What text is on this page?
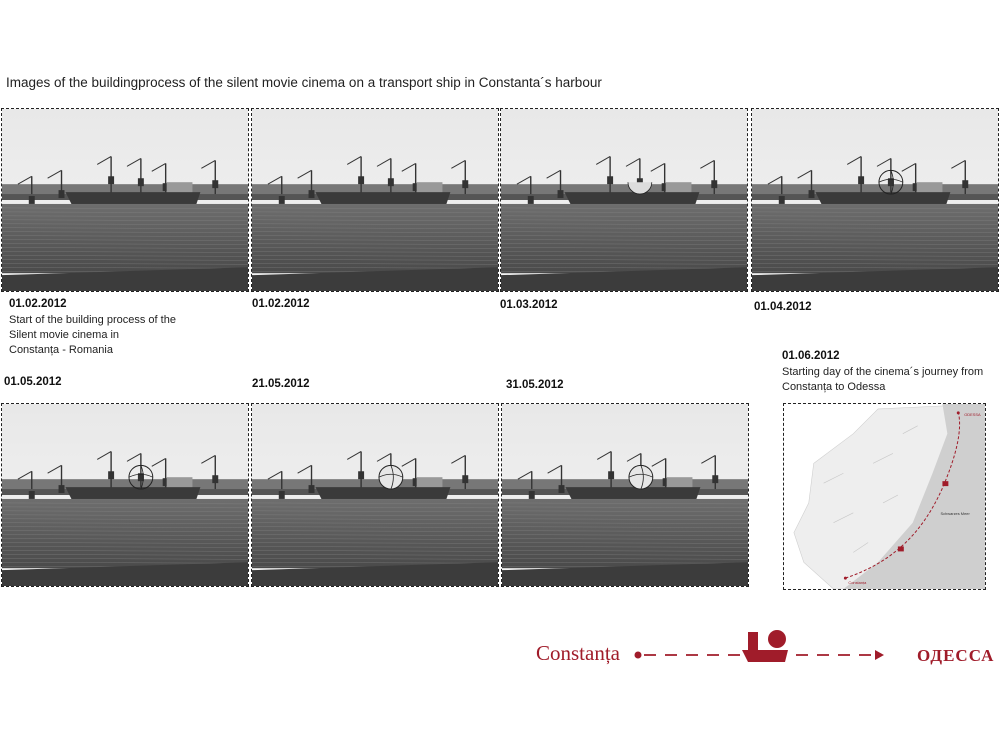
Images of the buildingprocess of the silent movie cinema on a transport ship in Constanta´s harbour
01.02.2012
Start of the building process of the
Silent movie cinema in
Constanța - Romania
01.02.2012	01.03.2012	01.04.2012
01.05.2012	21.05.2012	31.05.2012
01.06.2012
Starting day of the cinema´s journey from
Constanța to Odessa
ODESSA
Schwarzes Meer
Constanța
Constanța	ОДЕССА
